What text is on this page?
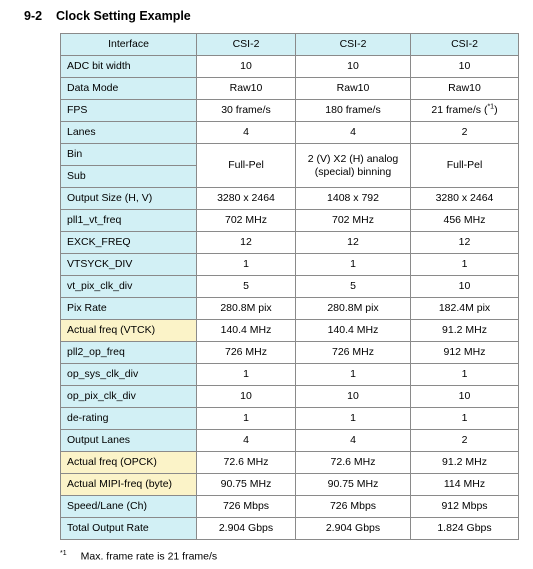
9-2 Clock Setting Example
Interface	CSI-2	CSI-2	CSI-2
ADC bit width	10	10	10
Data Mode	Raw10	Raw10	Raw10
FPS	30 frame/s	180 frame/s	21 frame/s ($^{*1}$)
Lanes	4	4	2
Bin	Full-Pel	2 (V) X2 (H) analog (special) binning	Full-Pel
Sub			
Output Size (H, V)	3280 x 2464	1408 x 792	3280 x 2464
pll1_vt_freq	702 MHz	702 MHz	456 MHz
EXCK_FREQ	12	12	12
VTSYCK_DIV	1	1	1
vt_pix_clk_div	5	5	10
Pix Rate	280.8M pix	280.8M pix	182.4M pix
Actual freq (VTCK)	140.4 MHz	140.4 MHz	91.2 MHz
pll2_op_freq	726 MHz	726 MHz	912 MHz
op_sys_clk_div	1	1	1
op_pix_clk_div	10	10	10
de-rating	1	1	1
Output Lanes	4	4	2
Actual freq (OPCK)	72.6 MHz	72.6 MHz	91.2 MHz
Actual MIPI-freq (byte)	90.75 MHz	90.75 MHz	114 MHz
Speed/Lane (Ch)	726 Mbps	726 Mbps	912 Mbps
Total Output Rate	2.904 Gbps	2.904 Gbps	1.824 Gbps
$^{*1}$ Max. frame rate is 21 frame/s
